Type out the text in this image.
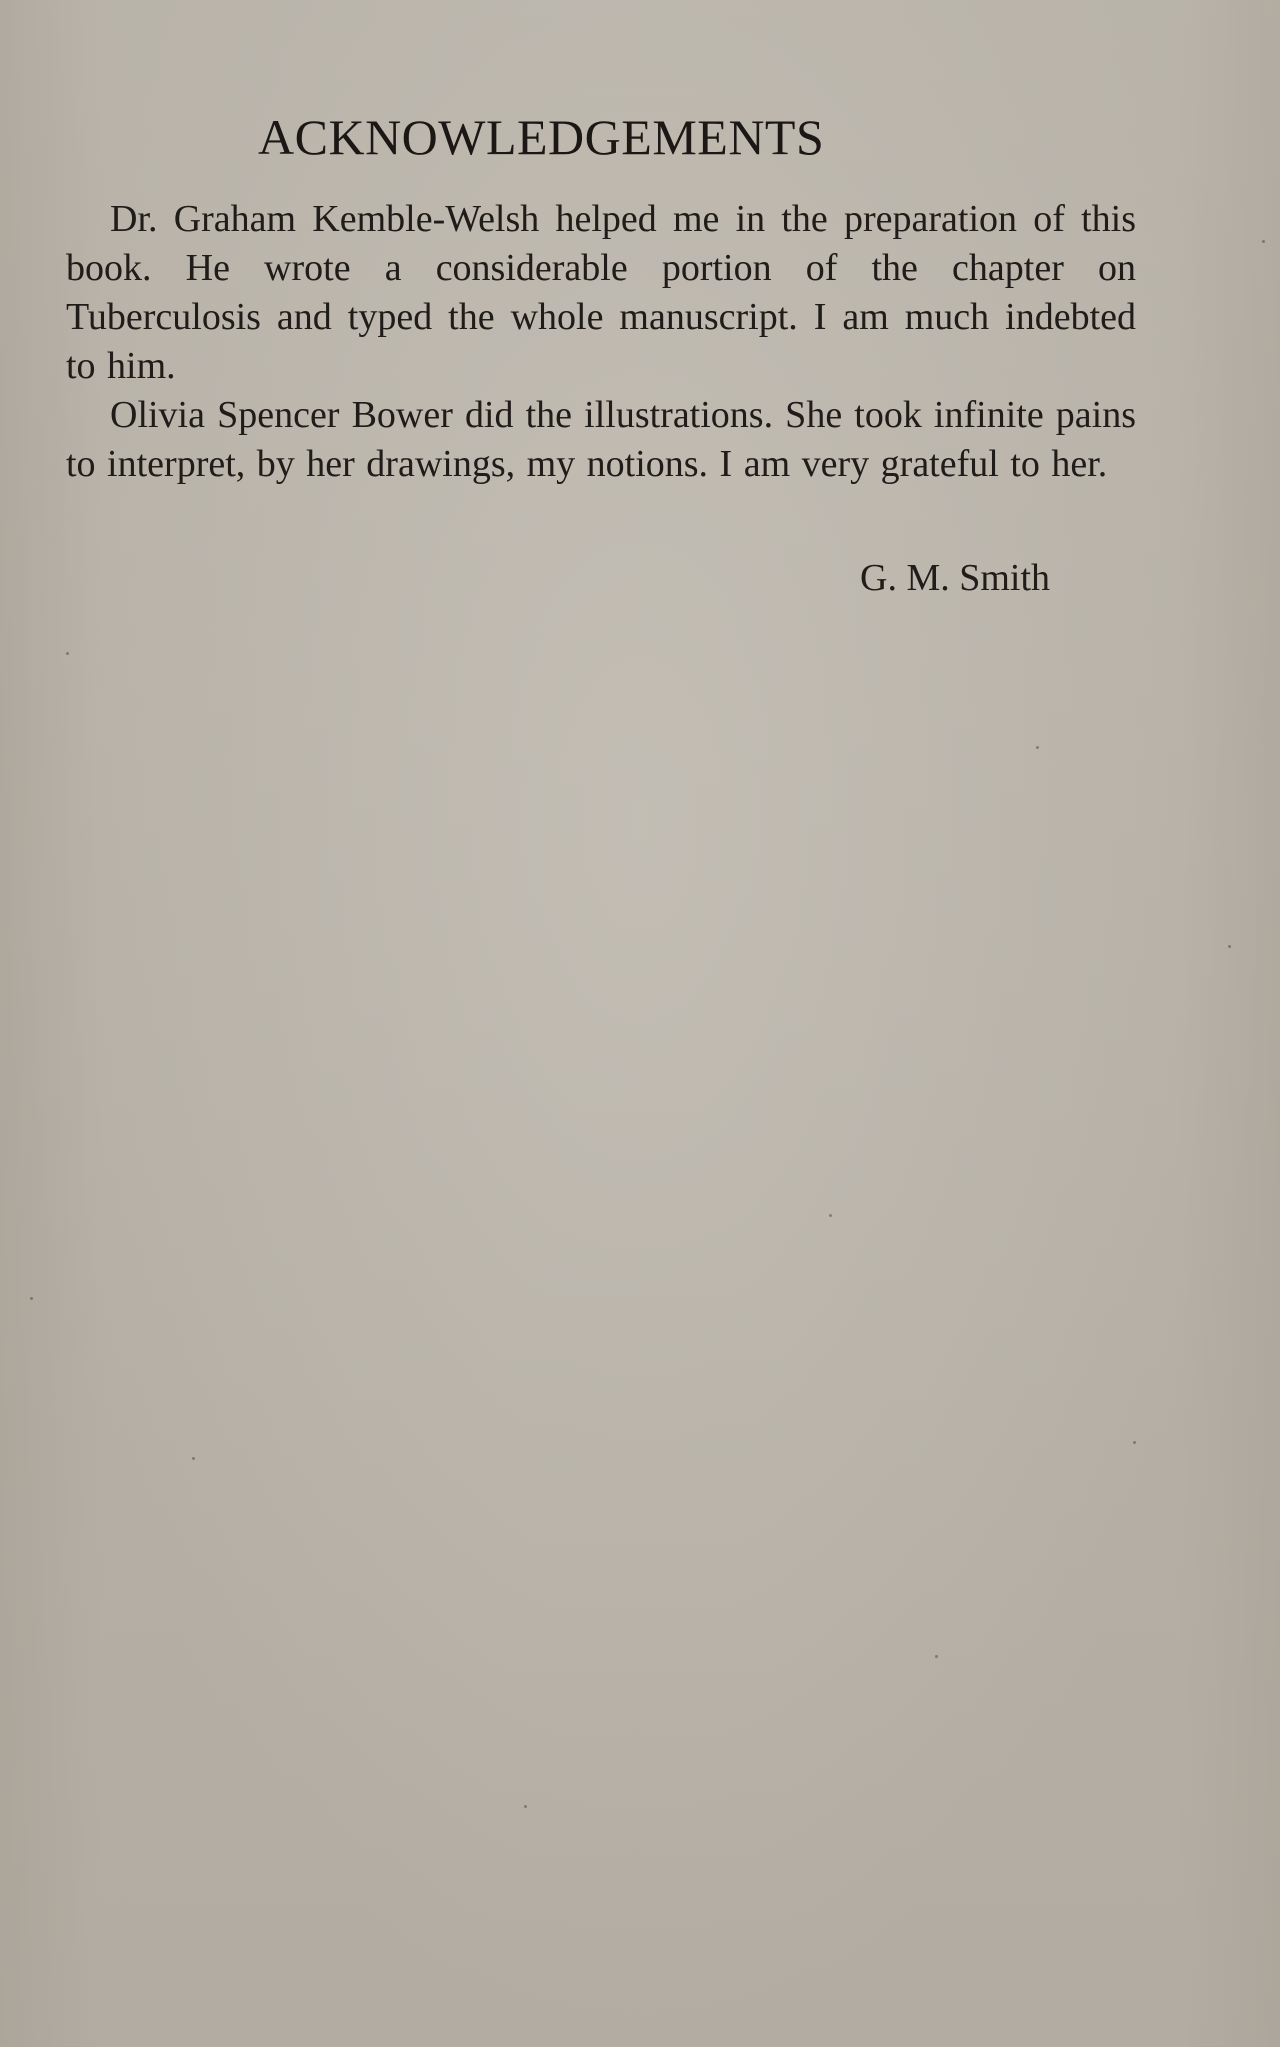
ACKNOWLEDGEMENTS

Dr. Graham Kemble-Welsh helped me in the preparation of this book. He wrote a considerable portion of the chapter on Tuberculosis and typed the whole manuscript. I am much indebted to him.

Olivia Spencer Bower did the illustrations. She took infinite pains to interpret, by her drawings, my notions. I am very grateful to her.

G. M. Smith
